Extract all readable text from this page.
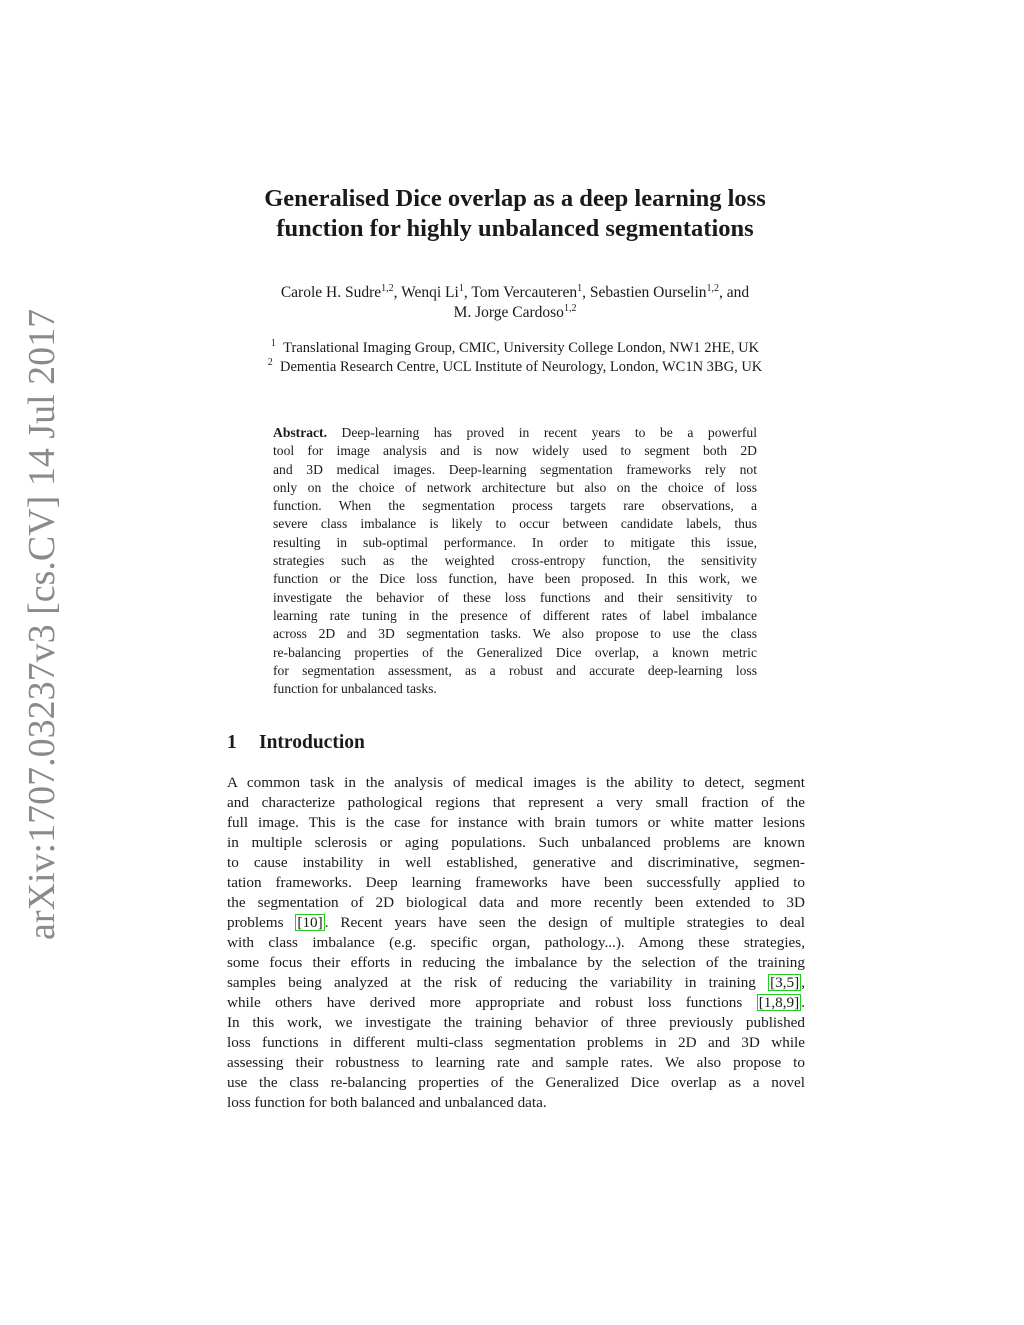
arXiv:1707.03237v3 [cs.CV] 14 Jul 2017
Generalised Dice overlap as a deep learning loss
function for highly unbalanced segmentations
Carole H. Sudre$^{1,2}$, Wenqi Li$^1$, Tom Vercauteren$^1$, Sebastien Ourselin$^{1,2}$, and
M. Jorge Cardoso$^{1,2}$
$^1$ Translational Imaging Group, CMIC, University College London, NW1 2HE, UK
$^2$ Dementia Research Centre, UCL Institute of Neurology, London, WC1N 3BG, UK
Abstract. Deep-learning has proved in recent years to be a powerful
tool for image analysis and is now widely used to segment both 2D
and 3D medical images. Deep-learning segmentation frameworks rely not
only on the choice of network architecture but also on the choice of loss
function. When the segmentation process targets rare observations, a
severe class imbalance is likely to occur between candidate labels, thus
resulting in sub-optimal performance. In order to mitigate this issue,
strategies such as the weighted cross-entropy function, the sensitivity
function or the Dice loss function, have been proposed. In this work, we
investigate the behavior of these loss functions and their sensitivity to
learning rate tuning in the presence of different rates of label imbalance
across 2D and 3D segmentation tasks. We also propose to use the class
re-balancing properties of the Generalized Dice overlap, a known metric
for segmentation assessment, as a robust and accurate deep-learning loss
function for unbalanced tasks.
1 Introduction
A common task in the analysis of medical images is the ability to detect, segment
and characterize pathological regions that represent a very small fraction of the
full image. This is the case for instance with brain tumors or white matter lesions
in multiple sclerosis or aging populations. Such unbalanced problems are known
to cause instability in well established, generative and discriminative, segmen-
tation frameworks. Deep learning frameworks have been successfully applied to
the segmentation of 2D biological data and more recently been extended to 3D
problems [10] . Recent years have seen the design of multiple strategies to deal
with class imbalance (e.g. specific organ, pathology...). Among these strategies,
some focus their efforts in reducing the imbalance by the selection of the training
samples being analyzed at the risk of reducing the variability in training [3,5] ,
while others have derived more appropriate and robust loss functions [1,8,9] .
In this work, we investigate the training behavior of three previously published
loss functions in different multi-class segmentation problems in 2D and 3D while
assessing their robustness to learning rate and sample rates. We also propose to
use the class re-balancing properties of the Generalized Dice overlap as a novel
loss function for both balanced and unbalanced data.
